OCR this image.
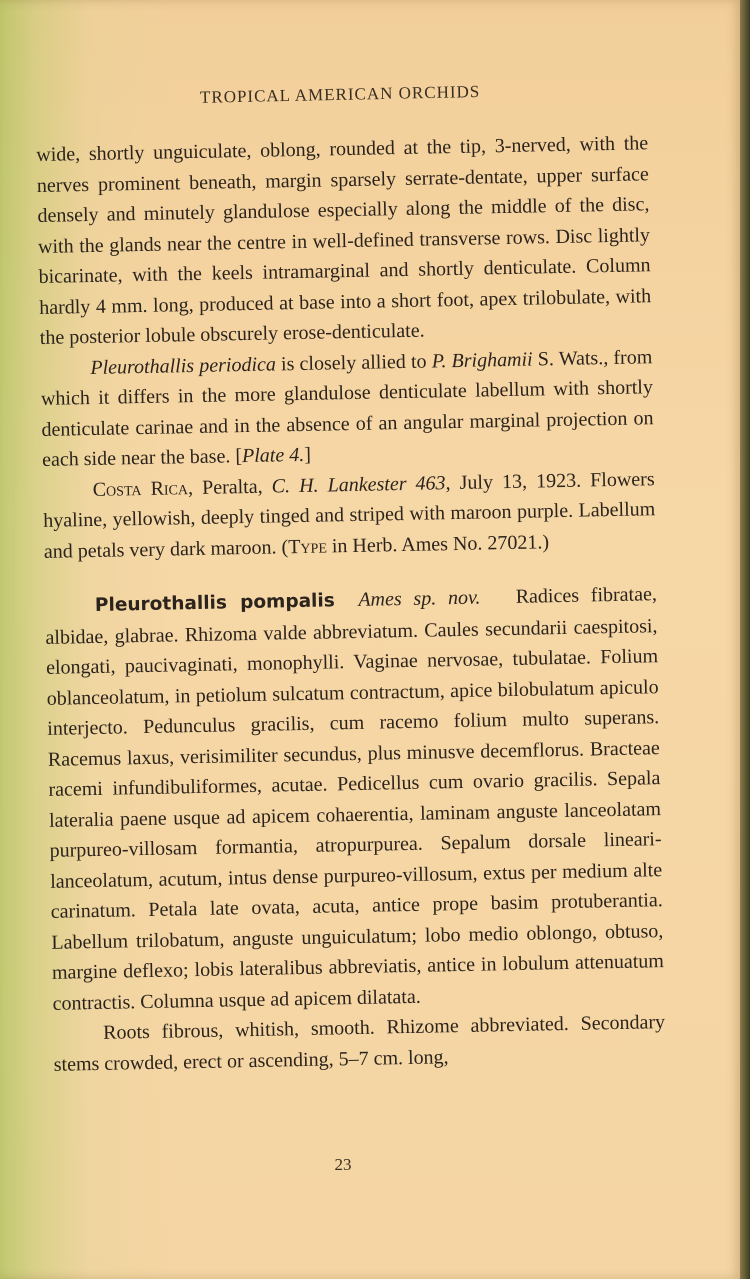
TROPICAL AMERICAN ORCHIDS

wide, shortly unguiculate, oblong, rounded at the tip, 3-nerved, with the nerves prominent beneath, margin sparsely serrate-dentate, upper surface densely and minutely glandulose especially along the middle of the disc, with the glands near the centre in well-defined transverse rows. Disc lightly bicarinate, with the keels intramarginal and shortly denticulate. Column hardly 4 mm. long, produced at base into a short foot, apex trilobulate, with the posterior lobule obscurely erose-denticulate.

Pleurothallis periodica is closely allied to P. Brighamii S. Wats., from which it differs in the more glandulose denticulate labellum with shortly denticulate carinae and in the absence of an angular marginal projection on each side near the base. [Plate 4.]

Costa Rica, Peralta, C. H. Lankester 463, July 13, 1923. Flowers hyaline, yellowish, deeply tinged and striped with maroon purple. Labellum and petals very dark maroon. (Type in Herb. Ames No. 27021.)

Pleurothallis pompalis Ames sp. nov. Radices fibratae, albidae, glabrae. Rhizoma valde abbreviatum. Caules secundarii caespitosi, elongati, paucivaginati, monophylli. Vaginae nervosae, tubulatae. Folium oblanceolatum, in petiolum sulcatum contractum, apice bilobulatum apiculo interjecto. Pedunculus gracilis, cum racemo folium multo superans. Racemus laxus, verisimiliter secundus, plus minusve decemflorus. Bracteae racemi infundibuliformes, acutae. Pedicellus cum ovario gracilis. Sepala lateralia paene usque ad apicem cohaerentia, laminam anguste lanceolatam purpureo-villosam formantia, atropurpurea. Sepalum dorsale lineari-lanceolatum, acutum, intus dense purpureo-villosum, extus per medium alte carinatum. Petala late ovata, acuta, antice prope basim protuberantia. Labellum trilobatum, anguste unguiculatum; lobo medio oblongo, obtuso, margine deflexo; lobis lateralibus abbreviatis, antice in lobulum attenuatum contractis. Columna usque ad apicem dilatata.

Roots fibrous, whitish, smooth. Rhizome abbreviated. Secondary stems crowded, erect or ascending, 5–7 cm. long,

23
